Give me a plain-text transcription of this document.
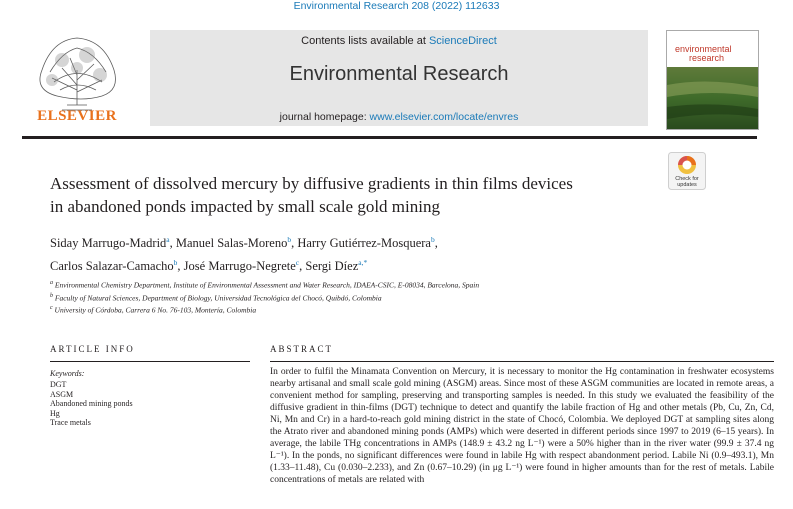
Environmental Research 208 (2022) 112633
ELSEVIER
Contents lists available at ScienceDirect
Environmental Research
journal homepage: www.elsevier.com/locate/envres
environmental
research
Check for
updates
Assessment of dissolved mercury by diffusive gradients in thin films devices
in abandoned ponds impacted by small scale gold mining
Siday Marrugo-Madrid$^a$, Manuel Salas-Moreno$^b$, Harry Gutiérrez-Mosquera$^b$,
Carlos Salazar-Camacho$^b$, José Marrugo-Negrete$^c$, Sergi Díez$^{a,*}$
$^a$ Environmental Chemistry Department, Institute of Environmental Assessment and Water Research, IDAEA-CSIC, E-08034, Barcelona, Spain
$^b$ Faculty of Natural Sciences, Department of Biology, Universidad Tecnológica del Chocó, Quibdó, Colombia
$^c$ University of Córdoba, Carrera 6 No. 76-103, Montería, Colombia
ARTICLE INFO
Keywords:
DGT
ASGM
Abandoned mining ponds
Hg
Trace metals
ABSTRACT
In order to fulfil the Minamata Convention on Mercury, it is necessary to monitor the Hg contamination in freshwater ecosystems nearby artisanal and small scale gold mining (ASGM) areas. Since most of these ASGM communities are located in remote areas, a convenient method for sampling, preserving and transporting samples is needed. In this study we evaluated the feasibility of the diffusive gradient in thin-films (DGT) technique to detect and quantify the labile fraction of Hg and other metals (Pb, Cu, Zn, Cd, Ni, Mn and Cr) in a hard-to-reach gold mining district in the state of Chocó, Colombia. We deployed DGT at sampling sites along the Atrato river and abandoned mining ponds (AMPs) which were deserted in different periods since 1997 to 2019 (6–15 years). In average, the labile THg concentrations in AMPs (148.9 ± 43.2 ng L⁻¹) were a 50% higher than in the river water (99.9 ± 37.4 ng L⁻¹). In the ponds, no significant differences were found in labile Hg with respect abandonment period. Labile Ni (0.9–493.1), Mn (1.33–11.48), Cu (0.030–2.233), and Zn (0.67–10.29) (in μg L⁻¹) were found in higher amounts than for the rest of metals. Labile concentrations of metals are related with
